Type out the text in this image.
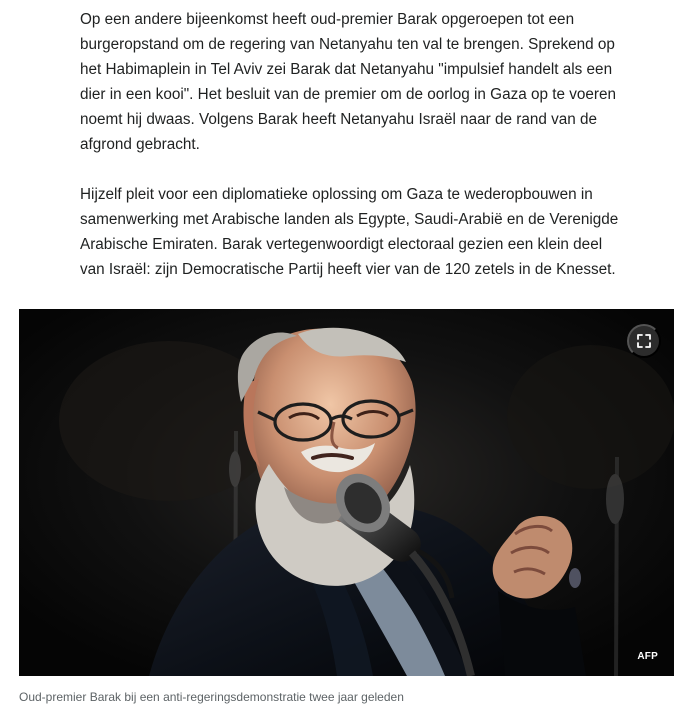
Op een andere bijeenkomst heeft oud-premier Barak opgeroepen tot een
burgeropstand om de regering van Netanyahu ten val te brengen. Sprekend op
het Habimaplein in Tel Aviv zei Barak dat Netanyahu "impulsief handelt als een
dier in een kooi". Het besluit van de premier om de oorlog in Gaza op te voeren
noemt hij dwaas. Volgens Barak heeft Netanyahu Israël naar de rand van de
afgrond gebracht.

Hijzelf pleit voor een diplomatieke oplossing om Gaza te wederopbouwen in
samenwerking met Arabische landen als Egypte, Saudi-Arabië en de Verenigde
Arabische Emiraten. Barak vertegenwoordigt electoraal gezien een klein deel
van Israël: zijn Democratische Partij heeft vier van de 120 zetels in de Knesset.

AFP
Oud-premier Barak bij een anti-regeringsdemonstratie twee jaar geleden
